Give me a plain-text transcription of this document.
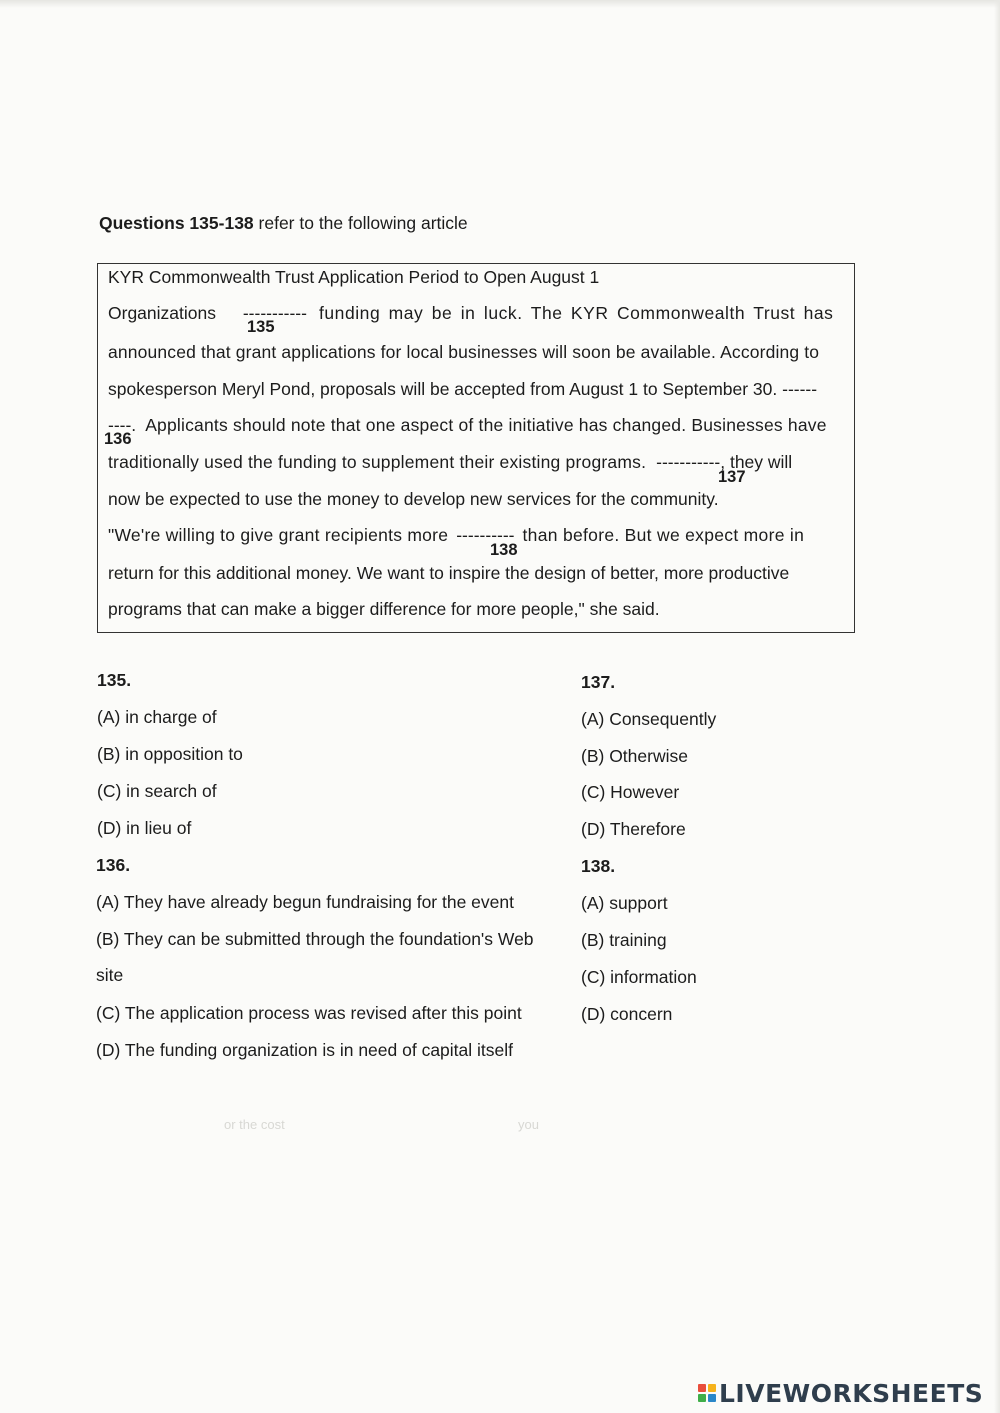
Questions 135-138 refer to the following article
KYR Commonwealth Trust Application Period to Open August 1
Organizations ----------- funding may be in luck. The KYR Commonwealth Trust has
135
announced that grant applications for local businesses will soon be available. According to
spokesperson Meryl Pond, proposals will be accepted from August 1 to September 30. ------
----. Applicants should note that one aspect of the initiative has changed. Businesses have
136
traditionally used the funding to supplement their existing programs. -----------, they will
137
now be expected to use the money to develop new services for the community.
"We're willing to give grant recipients more ---------- than before. But we expect more in
138
return for this additional money. We want to inspire the design of better, more productive
programs that can make a bigger difference for more people," she said.
135.
(A) in charge of
(B) in opposition to
(C) in search of
(D) in lieu of
136.
(A) They have already begun fundraising for the event
(B) They can be submitted through the foundation's Web
site
(C) The application process was revised after this point
(D) The funding organization is in need of capital itself
137.
(A) Consequently
(B) Otherwise
(C) However
(D) Therefore
138.
(A) support
(B) training
(C) information
(D) concern
or the cost	you
LIVEWORKSHEETS
